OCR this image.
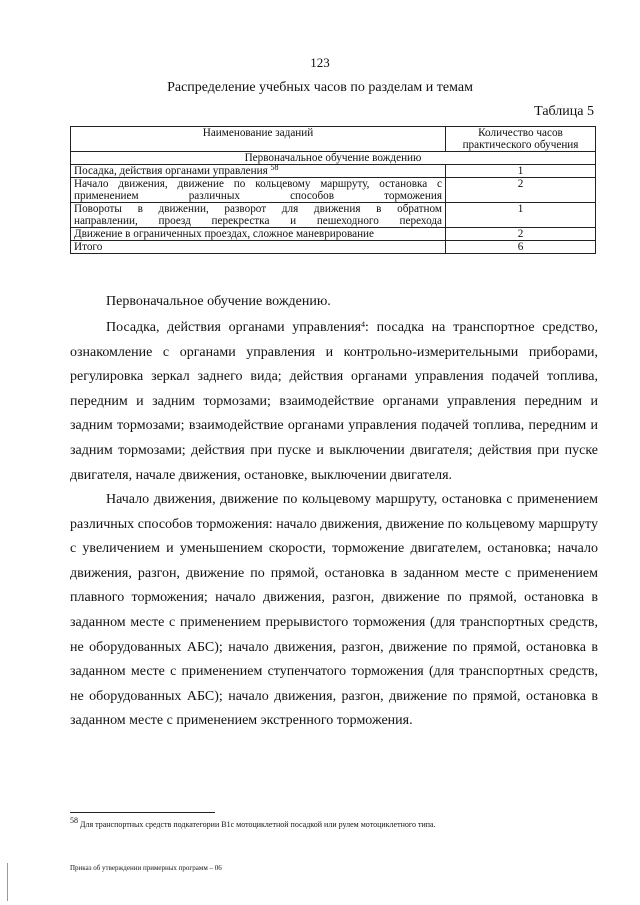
123
Распределение учебных часов по разделам и темам
Таблица 5
Наименование заданий	Количество часов
практического обучения
Первоначальное обучение вождению	
Посадка, действия органами управления $^{58}$	1
Начало движения, движение по кольцевому маршруту, остановка с
применением различных способов торможения	2
Повороты в движении, разворот для движения в обратном
направлении, проезд перекрестка и пешеходного перехода	1
Движение в ограниченных проездах, сложное маневрирование	2
Итого	6

Первоначальное обучение вождению.

Посадка, действия органами управления$^4$: посадка на транспортное средство, ознакомление с органами управления и контрольно-измерительными приборами, регулировка зеркал заднего вида; действия органами управления подачей топлива, передним и задним тормозами; взаимодействие органами управления передним и задним тормозами; взаимодействие органами управления подачей топлива, передним и задним тормозами; действия при пуске и выключении двигателя; действия при пуске двигателя, начале движения, остановке, выключении двигателя.

Начало движения, движение по кольцевому маршруту, остановка с применением различных способов торможения: начало движения, движение по кольцевому маршруту с увеличением и уменьшением скорости, торможение двигателем, остановка; начало движения, разгон, движение по прямой, остановка в заданном месте с применением плавного торможения; начало движения, разгон, движение по прямой, остановка в заданном месте с применением прерывистого торможения (для транспортных средств, не оборудованных АБС); начало движения, разгон, движение по прямой, остановка в заданном месте с применением ступенчатого торможения (для транспортных средств, не оборудованных АБС); начало движения, разгон, движение по прямой, остановка в заданном месте с применением экстренного торможения.

$^{58}$ Для транспортных средств подкатегории В1с мотоциклетной посадкой или рулем мотоциклетного типа.
Приказ об утверждении примерных программ – 06
